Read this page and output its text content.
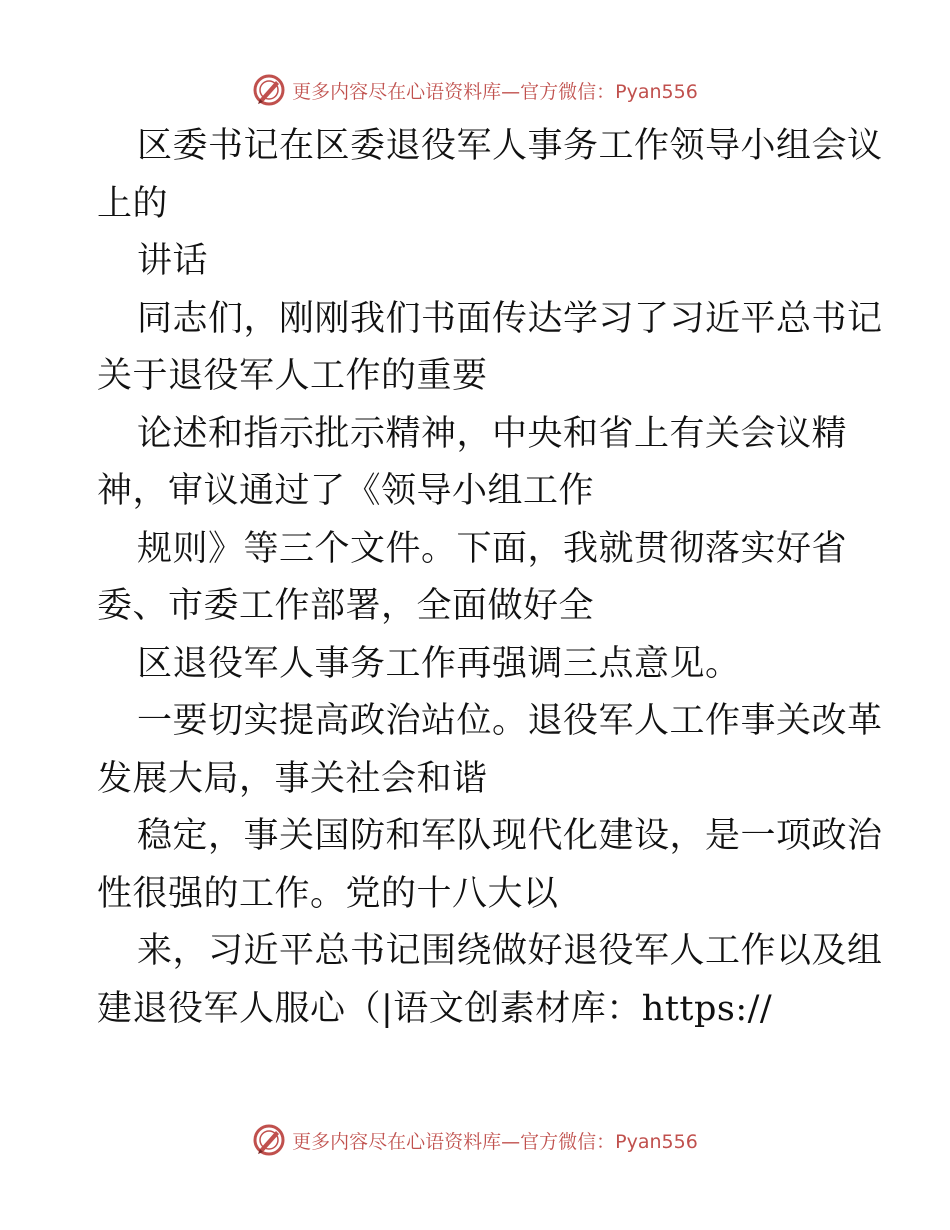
更多内容尽在心语资料库—官方微信：Pyan556
区委书记在区委退役军人事务工作领导小组会议
上的
讲话
同志们，刚刚我们书面传达学习了习近平总书记
关于退役军人工作的重要
论述和指示批示精神，中央和省上有关会议精
神，审议通过了《领导小组工作
规则》等三个文件。下面，我就贯彻落实好省
委、市委工作部署，全面做好全
区退役军人事务工作再强调三点意见。
一要切实提高政治站位。退役军人工作事关改革
发展大局，事关社会和谐
稳定，事关国防和军队现代化建设，是一项政治
性很强的工作。党的十八大以
来，习近平总书记围绕做好退役军人工作以及组
建退役军人服心（|语文创素材库：https://
更多内容尽在心语资料库—官方微信：Pyan556
